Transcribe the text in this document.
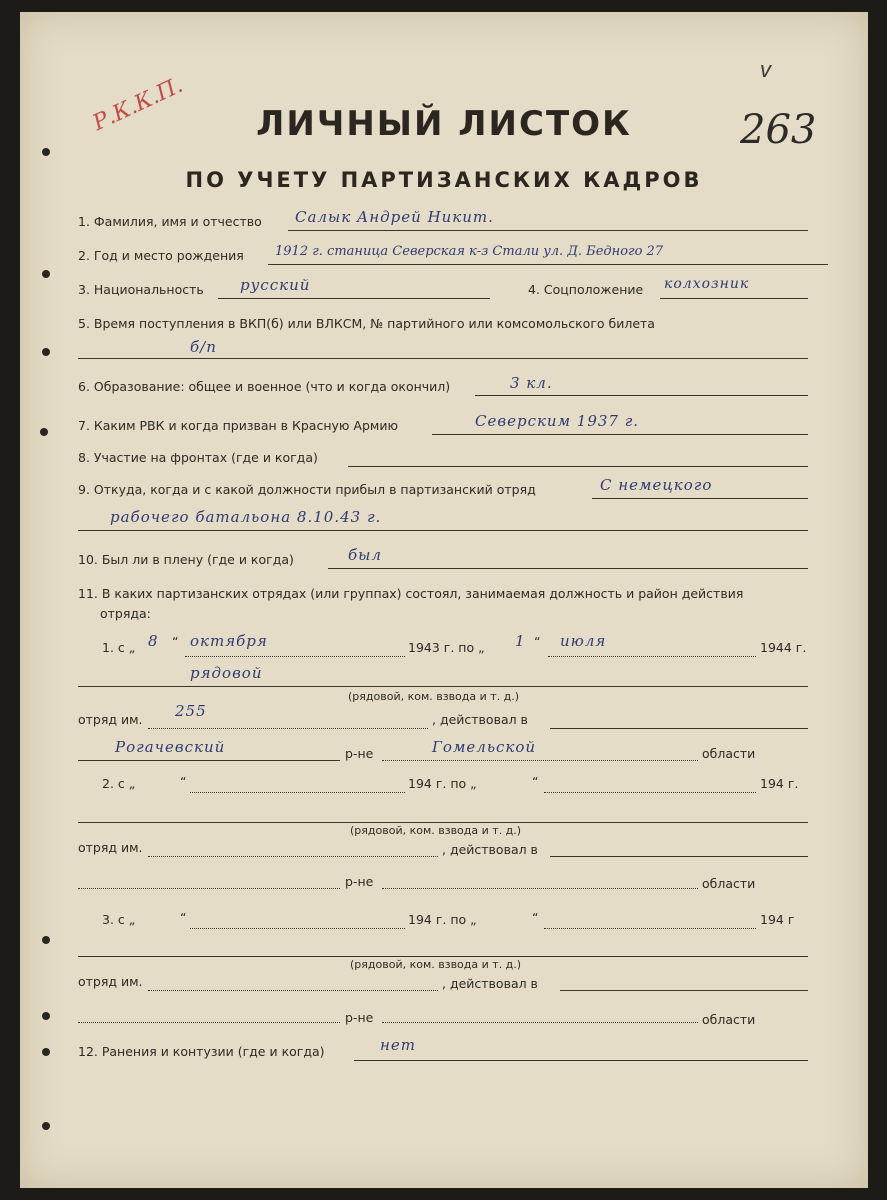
Р.К.К.П.
v
263
ЛИЧНЫЙ ЛИСТОК
ПО УЧЕТУ ПАРТИЗАНСКИХ КАДРОВ
1. Фамилия, имя и отчество Салык Андрей Никит.
2. Год и место рождения 1912 г. станица Северская к-з Стали ул. Д. Бедного 27
3. Национальность русский	4. Соцположение колхозник
5. Время поступления в ВКП(б) или ВЛКСМ, № партийного или комсомольского билета
б/п
6. Образование: общее и военное (что и когда окончил)	3 кл.
7. Каким РВК и когда призван в Красную Армию	Северским 1937 г.
8. Участие на фронтах (где и когда)
9. Откуда, когда и с какой должности прибыл в партизанский отряд	С немецкого
рабочего батальона 8.10.43 г.
10. Был ли в плену (где и когда)	был
11. В каких партизанских отрядах (или группах) состоял, занимаемая должность и район действия
отряда:
1. с „ 8 “ октября	1943 г. по „ 1 “ июля	1944 г.
рядовой
(рядовой, ком. взвода и т. д.)
отряд им. 255	, действовал в
Рогачевский	р-не	Гомельской	области
2. с „	“	194 г. по „	“	194 г.
(рядовой, ком. взвода и т. д.)
отряд им.	, действовал в
р-не	области
3. с „	“	194 г. по „	“	194 г
(рядовой, ком. взвода и т. д.)
отряд им.	, действовал в
р-не	области
12. Ранения и контузии (где и когда)	нет
